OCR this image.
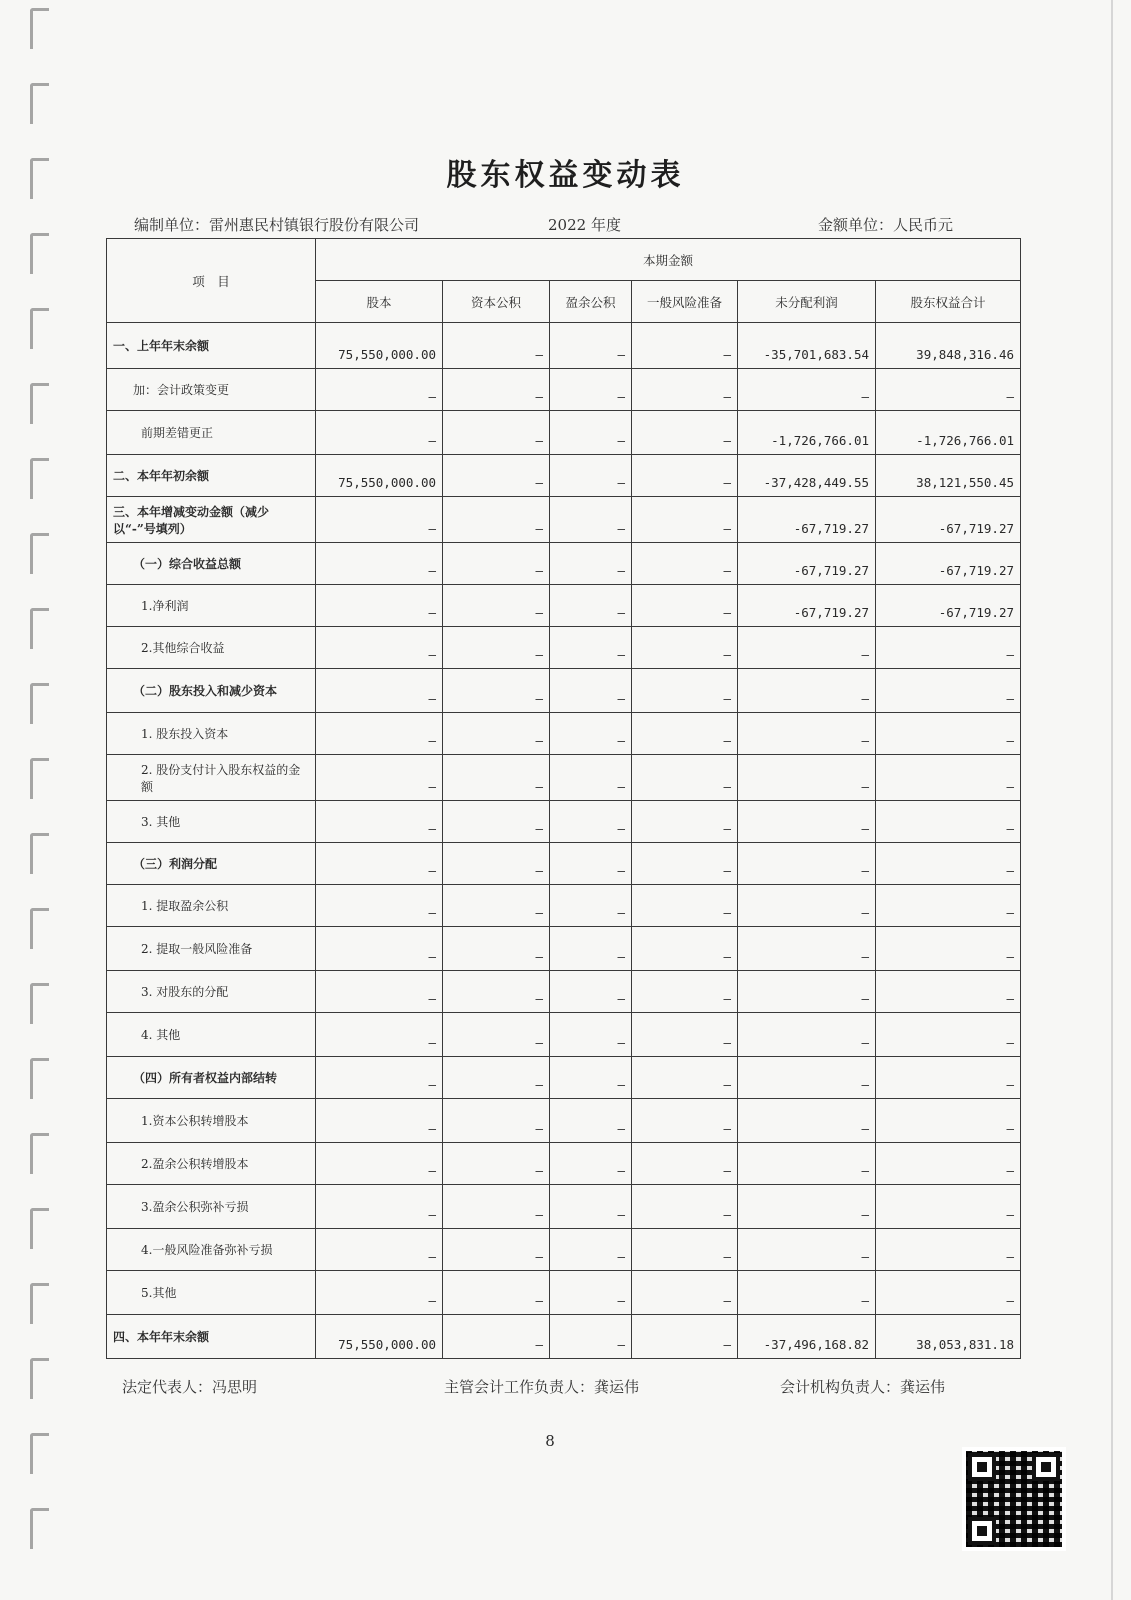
股东权益变动表
编制单位：雷州惠民村镇银行股份有限公司	2022 年度	金额单位：人民币元
项　目	本期金额					
	股本	资本公积	盈余公积	一般风险准备	未分配利润	股东权益合计
一、上年年末余额	75,550,000.00	–	–	–	-35,701,683.54	39,848,316.46
加：会计政策变更	–	–	–	–	–	–
前期差错更正	–	–	–	–	-1,726,766.01	-1,726,766.01
二、本年年初余额	75,550,000.00	–	–	–	-37,428,449.55	38,121,550.45
三、本年增减变动金额（减少以“-”号填列）	–	–	–	–	-67,719.27	-67,719.27
（一）综合收益总额	–	–	–	–	-67,719.27	-67,719.27
1.净利润	–	–	–	–	-67,719.27	-67,719.27
2.其他综合收益	–	–	–	–	–	–
（二）股东投入和减少资本	–	–	–	–	–	–
1. 股东投入资本	–	–	–	–	–	–
2. 股份支付计入股东权益的金额	–	–	–	–	–	–
3. 其他	–	–	–	–	–	–
（三）利润分配	–	–	–	–	–	–
1. 提取盈余公积	–	–	–	–	–	–
2. 提取一般风险准备	–	–	–	–	–	–
3. 对股东的分配	–	–	–	–	–	–
4. 其他	–	–	–	–	–	–
（四）所有者权益内部结转	–	–	–	–	–	–
1.资本公积转增股本	–	–	–	–	–	–
2.盈余公积转增股本	–	–	–	–	–	–
3.盈余公积弥补亏损	–	–	–	–	–	–
4.一般风险准备弥补亏损	–	–	–	–	–	–
5.其他	–	–	–	–	–	–
四、本年年末余额	75,550,000.00	–	–	–	-37,496,168.82	38,053,831.18
法定代表人：冯思明	主管会计工作负责人：龚运伟	会计机构负责人：龚运伟
8
